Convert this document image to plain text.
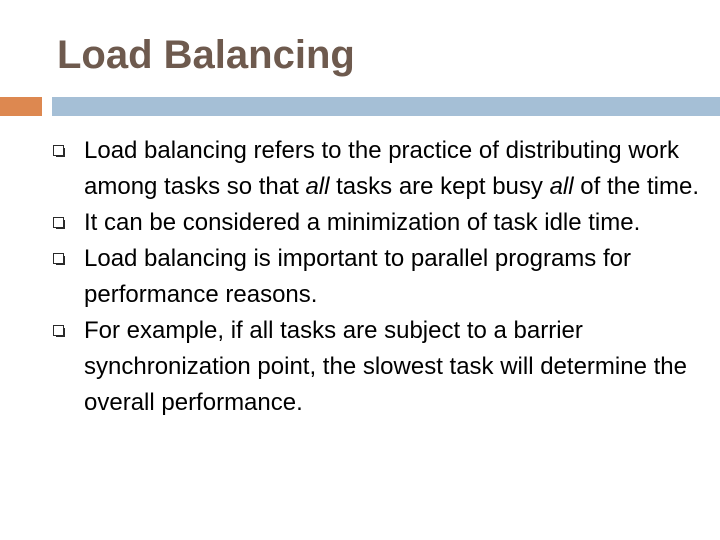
Load Balancing
Load balancing refers to the practice of distributing work among tasks so that all tasks are kept busy all of the time.
It can be considered a minimization of task idle time.
Load balancing is important to parallel programs for performance reasons.
For example, if all tasks are subject to a barrier synchronization point, the slowest task will determine the overall performance.
